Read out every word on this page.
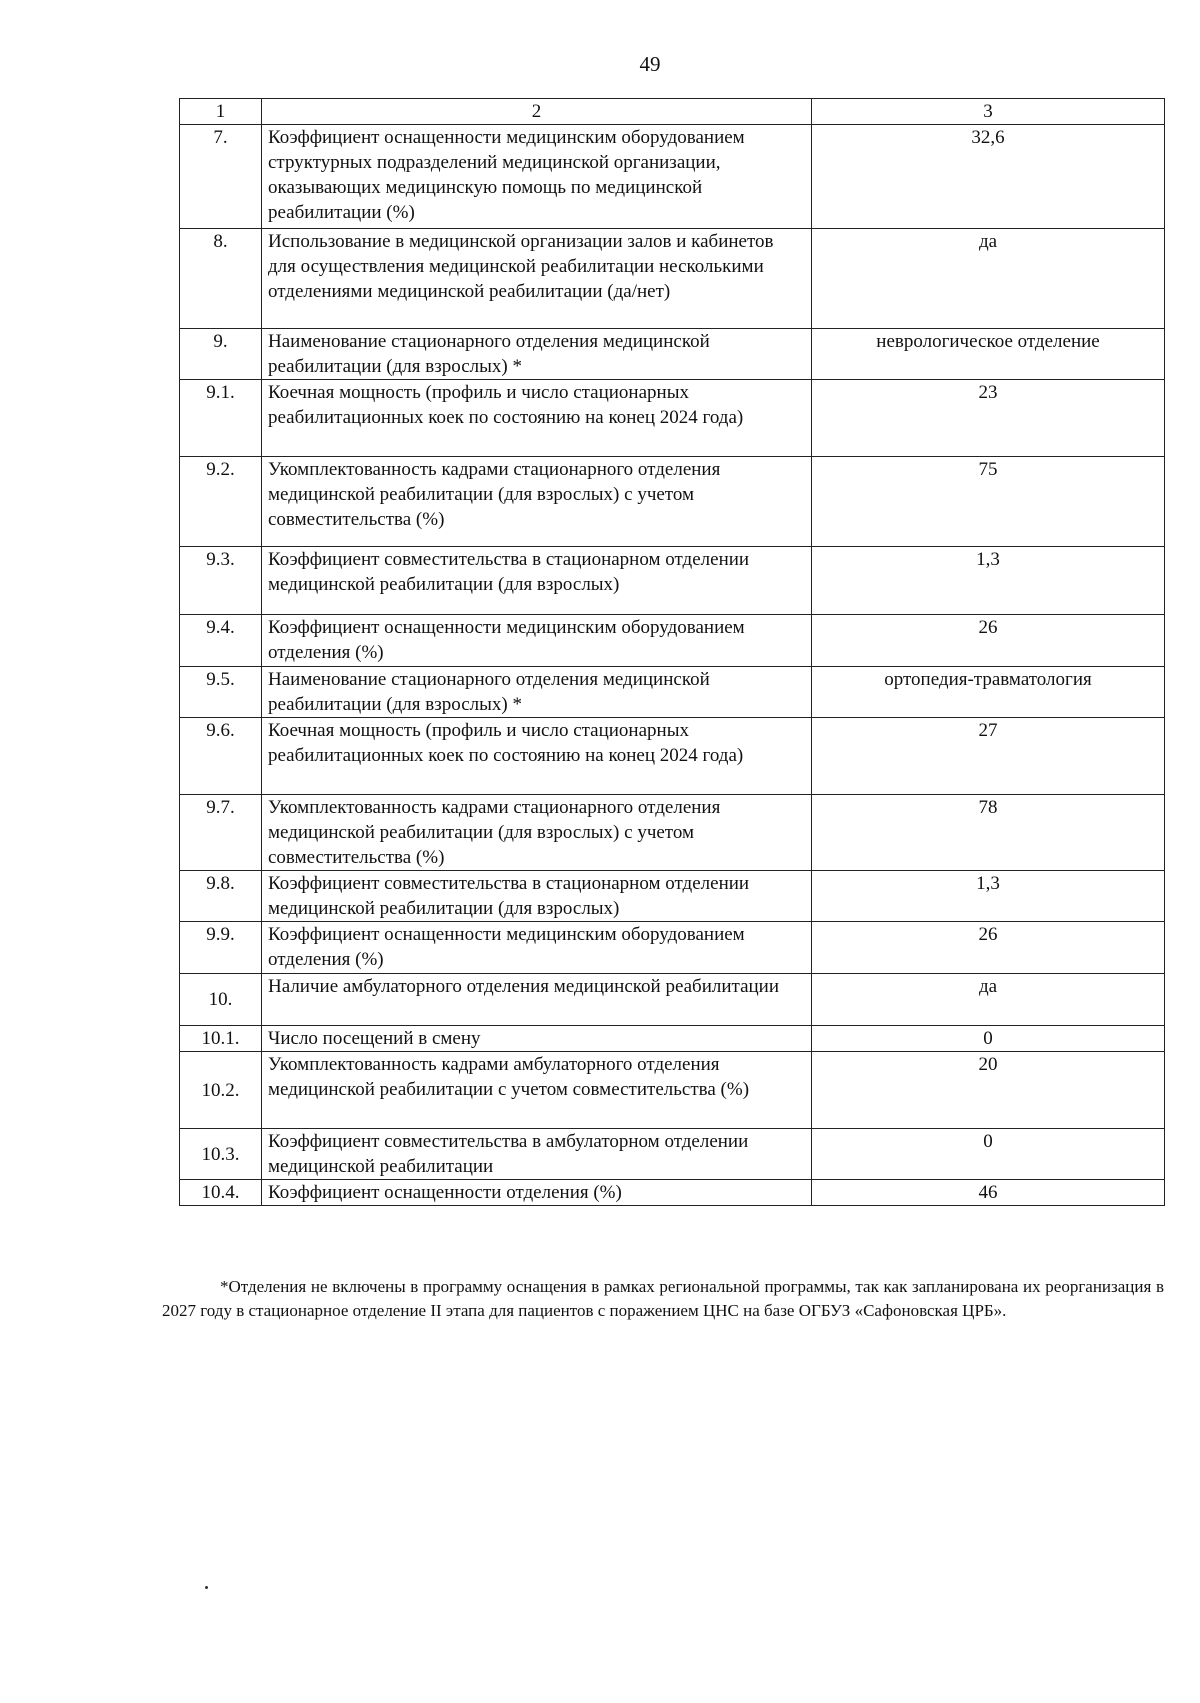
49
1	2	3
7.	Коэффициент оснащенности медицинским оборудованием структурных подразделений медицинской организации, оказывающих медицинскую помощь по медицинской реабилитации (%)	32,6
8.	Использование в медицинской организации залов и кабинетов для осуществления медицинской реабилитации несколькими отделениями медицинской реабилитации (да/нет)	да
9.	Наименование стационарного отделения медицинской реабилитации (для взрослых) *	неврологическое отделение
9.1.	Коечная мощность (профиль и число стационарных реабилитационных коек по состоянию на конец 2024 года)	23
9.2.	Укомплектованность кадрами стационарного отделения медицинской реабилитации (для взрослых) с учетом совместительства (%)	75
9.3.	Коэффициент совместительства в стационарном отделении медицинской реабилитации (для взрослых)	1,3
9.4.	Коэффициент оснащенности медицинским оборудованием отделения (%)	26
9.5.	Наименование стационарного отделения медицинской реабилитации (для взрослых) *	ортопедия-травматология
9.6.	Коечная мощность (профиль и число стационарных реабилитационных коек по состоянию на конец 2024 года)	27
9.7.	Укомплектованность кадрами стационарного отделения медицинской реабилитации (для взрослых) с учетом совместительства (%)	78
9.8.	Коэффициент совместительства в стационарном отделении медицинской реабилитации (для взрослых)	1,3
9.9.	Коэффициент оснащенности медицинским оборудованием отделения (%)	26
10.	Наличие амбулаторного отделения медицинской реабилитации	да
10.1.	Число посещений в смену	0
10.2.	Укомплектованность кадрами амбулаторного отделения медицинской реабилитации с учетом совместительства (%)	20
10.3.	Коэффициент совместительства в амбулаторном отделении медицинской реабилитации	0
10.4.	Коэффициент оснащенности отделения (%)	46

*Отделения не включены в программу оснащения в рамках региональной программы, так как запланирована их реорганизация в 2027 году в стационарное отделение II этапа для пациентов с поражением ЦНС на базе ОГБУЗ «Сафоновская ЦРБ».
